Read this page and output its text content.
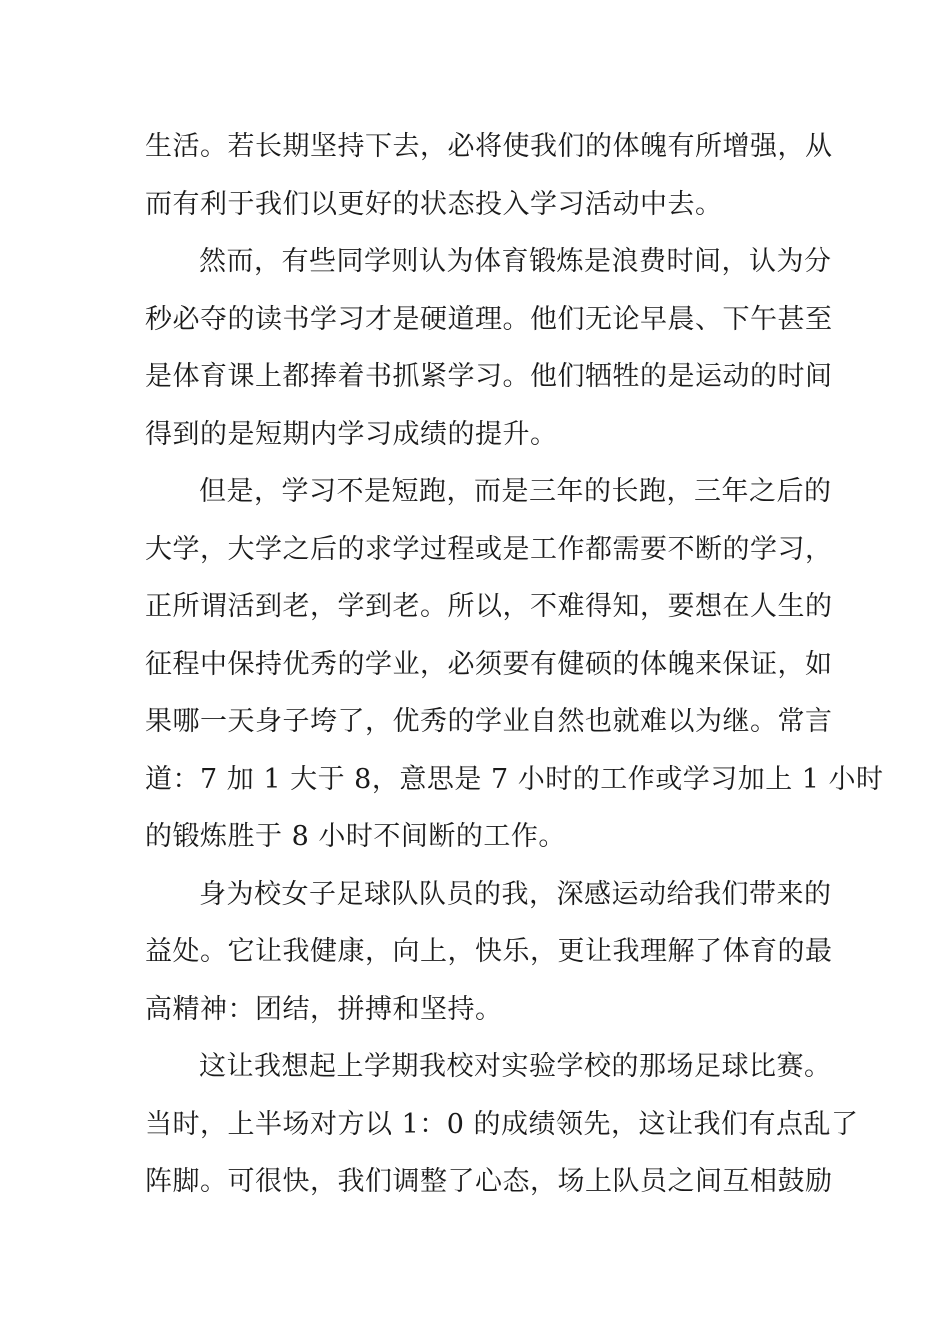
生活。若长期坚持下去，必将使我们的体魄有所增强，从
而有利于我们以更好的状态投入学习活动中去。
然而，有些同学则认为体育锻炼是浪费时间，认为分
秒必夺的读书学习才是硬道理。他们无论早晨、下午甚至
是体育课上都捧着书抓紧学习。他们牺牲的是运动的时间
得到的是短期内学习成绩的提升。
但是，学习不是短跑，而是三年的长跑，三年之后的
大学，大学之后的求学过程或是工作都需要不断的学习，
正所谓活到老，学到老。所以，不难得知，要想在人生的
征程中保持优秀的学业，必须要有健硕的体魄来保证，如
果哪一天身子垮了，优秀的学业自然也就难以为继。常言
道：7 加 1 大于 8，意思是 7 小时的工作或学习加上 1 小时
的锻炼胜于 8 小时不间断的工作。
身为校女子足球队队员的我，深感运动给我们带来的
益处。它让我健康，向上，快乐，更让我理解了体育的最
高精神：团结，拼搏和坚持。
这让我想起上学期我校对实验学校的那场足球比赛。
当时，上半场对方以 1：0 的成绩领先，这让我们有点乱了
阵脚。可很快，我们调整了心态，场上队员之间互相鼓励
